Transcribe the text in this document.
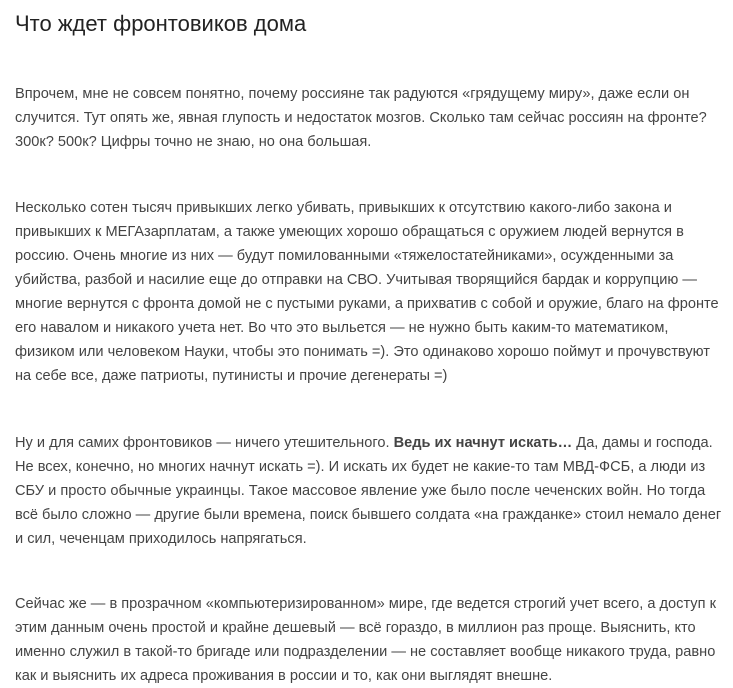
Что ждет фронтовиков дома

Впрочем, мне не совсем понятно, почему россияне так радуются «грядущему миру», даже если он случится. Тут опять же, явная глупость и недостаток мозгов. Сколько там сейчас россиян на фронте? 300к? 500к? Цифры точно не знаю, но она большая.

Несколько сотен тысяч привыкших легко убивать, привыкших к отсутствию какого-либо закона и привыкших к МЕГАзарплатам, а также умеющих хорошо обращаться с оружием людей вернутся в россию. Очень многие из них — будут помилованными «тяжелостатейниками», осужденными за убийства, разбой и насилие еще до отправки на СВО. Учитывая творящийся бардак и коррупцию — многие вернутся с фронта домой не с пустыми руками, а прихватив с собой и оружие, благо на фронте его навалом и никакого учета нет. Во что это выльется — не нужно быть каким-то математиком, физиком или человеком Науки, чтобы это понимать =). Это одинаково хорошо поймут и прочувствуют на себе все, даже патриоты, путинисты и прочие дегенераты =)

Ну и для самих фронтовиков — ничего утешительного. Ведь их начнут искать… Да, дамы и господа. Не всех, конечно, но многих начнут искать =). И искать их будет не какие-то там МВД-ФСБ, а люди из СБУ и просто обычные украинцы. Такое массовое явление уже было после чеченских войн. Но тогда всё было сложно — другие были времена, поиск бывшего солдата «на гражданке» стоил немало денег и сил, чеченцам приходилось напрягаться.

Сейчас же — в прозрачном «компьютеризированном» мире, где ведется строгий учет всего, а доступ к этим данным очень простой и крайне дешевый — всё гораздо, в миллион раз проще. Выяснить, кто именно служил в такой-то бригаде или подразделении — не составляет вообще никакого труда, равно как и выяснить их адреса проживания в россии и то, как они выглядят внешне.
